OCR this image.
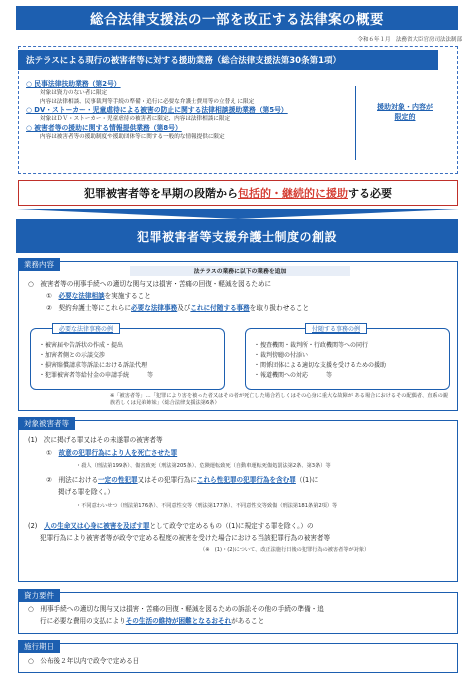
総合法律支援法の一部を改正する法律案の概要
令和６年１月　法務省大臣官房司法法制部
法テラスによる現行の被害者等に対する援助業務（総合法律支援法第30条第1項）
○ 民事法律扶助業務（第2号）
対象は資力のない者に限定
内容は法律相談、民事裁判等手続の準備・追行に必要な弁護士費用等の立替え に限定
○ DV・ストーカー・児童虐待による被害の防止に関する法律相談援助業務（第5号）
対象はＤＶ・ストーカー・児童虐待の被害者に限定、内容は法律相談に限定
○ 被害者等の援助に関する情報提供業務（第8号）
内容は被害者等の援助制度や援助団体等に関する一般的な情報提供に限定
援助対象・内容が
限定的
犯罪被害者等を早期の段階から 包括的・継続的に援助 する必要
犯罪被害者等支援弁護士制度の創設
業務内容
法テラスの業務に以下の業務を追加
○　被害者等の刑事手続への適切な関与又は損害・苦痛の回復・軽減を図るために
①　必要な法律相談を実施すること
②　契約弁護士等にこれらに必要な法律事務及びこれに付随する事務を取り扱わせること
・被害届や告訴状の作成・提出
・加害者側との示談交渉
・損害賠償請求等訴訟における訴訟代理
・犯罪被害者等給付金の申請手続　　　等
必要な法律事務の例
・捜査機関・裁判所・行政機関等への同行
・裁判傍聴の付添い
・関係団体による適切な支援を受けるための援助
・報道機関への対応　　　等
付随する事務の例
※「被害者等」…「犯罪により害を被った者又はその者が死亡した場合若しくはその心身に重大な故障が ある場合におけるその配偶者、直系の親族若しくは兄弟姉妹」（総合法律支援法第6条）
対象被害者等
(1)　次に掲げる罪又はその未遂罪の被害者等
①　故意の犯罪行為により人を死亡させた罪
・殺人（刑法第199条）、傷害致死（刑法第205条）、危険運転致死（自動車運転死傷処罰法第2条、第3条）等
②　刑法における一定の性犯罪又はその犯罪行為にこれら性犯罪の犯罪行為を含む罪（(1)に
掲げる罪を除く。）
・不同意わいせつ（刑法第176条）、不同意性交等（刑法第177条）、不同意性交等致傷（刑法第181条第2項）等
(2)　人の生命又は心身に被害を及ぼす罪として政令で定めるもの（(1)に規定する罪を除く。）の
犯罪行為により被害者等が政令で定める程度の被害を受けた場合における当該犯罪行為の被害者等
（※　(1)・(2)について、改正法施行日後の犯罪行為の被害者等が対象）
資力要件
○　刑事手続への適切な関与又は損害・苦痛の回復・軽減を図るための訴訟その他の手続の準備・追
行に必要な費用の支払によりその生活の維持が困難となるおそれがあること
施行期日
○　公布後２年以内で政令で定める日
